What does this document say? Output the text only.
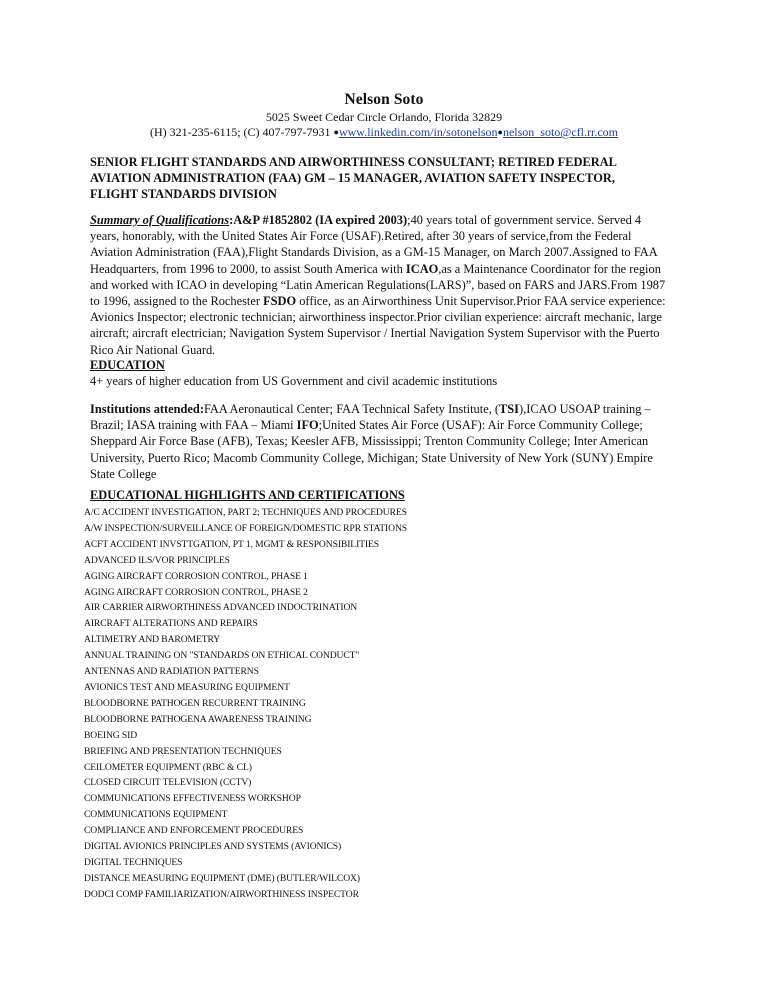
Nelson Soto
5025 Sweet Cedar Circle Orlando, Florida 32829
(H) 321-235-6115; (C) 407-797-7931 ●www.linkedin.com/in/sotonelson●nelson_soto@cfl.rr.com
SENIOR FLIGHT STANDARDS AND AIRWORTHINESS CONSULTANT; RETIRED FEDERAL
AVIATION ADMINISTRATION (FAA) GM – 15 MANAGER, AVIATION SAFETY INSPECTOR,
FLIGHT STANDARDS DIVISION
Summary of Qualifications:A&P #1852802 (IA expired 2003);40 years total of government service. Served 4
years, honorably, with the United States Air Force (USAF).Retired, after 30 years of service,from the Federal
Aviation Administration (FAA),Flight Standards Division, as a GM-15 Manager, on March 2007.Assigned to FAA
Headquarters, from 1996 to 2000, to assist South America with ICAO,as a Maintenance Coordinator for the region
and worked with ICAO in developing “Latin American Regulations(LARS)”, based on FARS and JARS.From 1987
to 1996, assigned to the Rochester FSDO office, as an Airworthiness Unit Supervisor.Prior FAA service experience:
Avionics Inspector; electronic technician; airworthiness inspector.Prior civilian experience: aircraft mechanic, large
aircraft; aircraft electrician; Navigation System Supervisor / Inertial Navigation System Supervisor with the Puerto
Rico Air National Guard.
EDUCATION
4+ years of higher education from US Government and civil academic institutions
Institutions attended:FAA Aeronautical Center; FAA Technical Safety Institute, (TSI),ICAO USOAP training –
Brazil; IASA training with FAA – Miami IFO;United States Air Force (USAF): Air Force Community College;
Sheppard Air Force Base (AFB), Texas; Keesler AFB, Mississippi; Trenton Community College; Inter American
University, Puerto Rico; Macomb Community College, Michigan; State University of New York (SUNY) Empire
State College
EDUCATIONAL HIGHLIGHTS AND CERTIFICATIONS
A/C ACCIDENT INVESTIGATION, PART 2; TECHNIQUES AND PROCEDURES
A/W INSPECTION/SURVEILLANCE OF FOREIGN/DOMESTIC RPR STATIONS
ACFT ACCIDENT INVSTTGATION, PT 1, MGMT & RESPONSIBILITIES
ADVANCED ILS/VOR PRINCIPLES
AGING AIRCRAFT CORROSION CONTROL, PHASE 1
AGING AIRCRAFT CORROSION CONTROL, PHASE 2
AIR CARRIER AIRWORTHINESS ADVANCED INDOCTRINATION
AIRCRAFT ALTERATIONS AND REPAIRS
ALTIMETRY AND BAROMETRY
ANNUAL TRAINING ON "STANDARDS ON ETHICAL CONDUCT"
ANTENNAS AND RADIATION PATTERNS
AVIONICS TEST AND MEASURING EQUIPMENT
BLOODBORNE PATHOGEN RECURRENT TRAINING
BLOODBORNE PATHOGENA AWARENESS TRAINING
BOEING SID
BRIEFING AND PRESENTATION TECHNIQUES
CEILOMETER EQUIPMENT (RBC & CL)
CLOSED CIRCUIT TELEVISION (CCTV)
COMMUNICATIONS EFFECTIVENESS WORKSHOP
COMMUNICATIONS EQUIPMENT
COMPLIANCE AND ENFORCEMENT PROCEDURES
DIGITAL AVIONICS PRINCIPLES AND SYSTEMS (AVIONICS)
DIGITAL TECHNIQUES
DISTANCE MEASURING EQUIPMENT (DME) (BUTLER/WILCOX)
DODCI COMP FAMILIARIZATION/AIRWORTHINESS INSPECTOR
